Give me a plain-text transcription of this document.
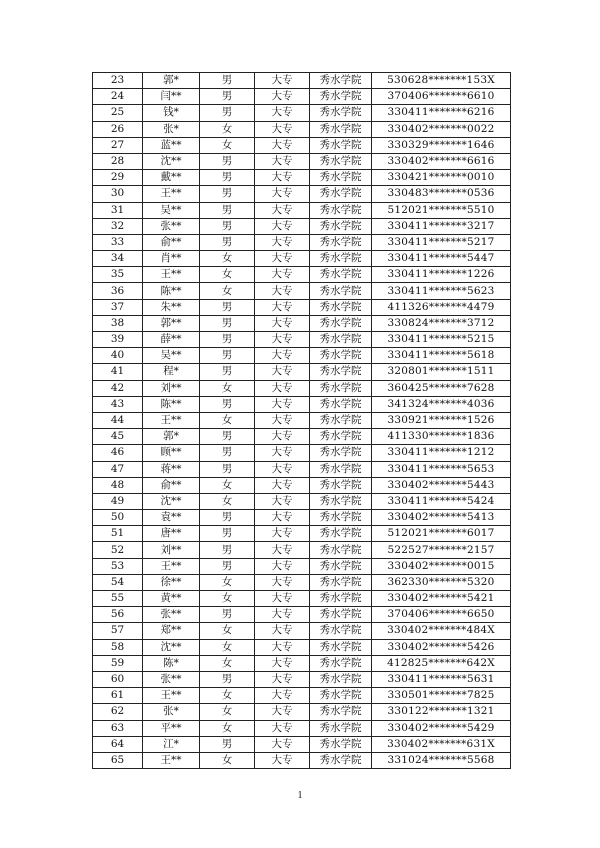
23	郭*	男	大专	秀水学院	530628*******153X
24	闫**	男	大专	秀水学院	370406*******6610
25	钱*	男	大专	秀水学院	330411*******6216
26	张*	女	大专	秀水学院	330402*******0022
27	蓝**	女	大专	秀水学院	330329*******1646
28	沈**	男	大专	秀水学院	330402*******6616
29	戴**	男	大专	秀水学院	330421*******0010
30	王**	男	大专	秀水学院	330483*******0536
31	吴**	男	大专	秀水学院	512021*******5510
32	张**	男	大专	秀水学院	330411*******3217
33	俞**	男	大专	秀水学院	330411*******5217
34	肖**	女	大专	秀水学院	330411*******5447
35	王**	女	大专	秀水学院	330411*******1226
36	陈**	女	大专	秀水学院	330411*******5623
37	朱**	男	大专	秀水学院	411326*******4479
38	郭**	男	大专	秀水学院	330824*******3712
39	薛**	男	大专	秀水学院	330411*******5215
40	吴**	男	大专	秀水学院	330411*******5618
41	程*	男	大专	秀水学院	320801*******1511
42	刘**	女	大专	秀水学院	360425*******7628
43	陈**	男	大专	秀水学院	341324*******4036
44	王**	女	大专	秀水学院	330921*******1526
45	郭*	男	大专	秀水学院	411330*******1836
46	顾**	男	大专	秀水学院	330411*******1212
47	蒋**	男	大专	秀水学院	330411*******5653
48	俞**	女	大专	秀水学院	330402*******5443
49	沈**	女	大专	秀水学院	330411*******5424
50	袁**	男	大专	秀水学院	330402*******5413
51	唐**	男	大专	秀水学院	512021*******6017
52	刘**	男	大专	秀水学院	522527*******2157
53	王**	男	大专	秀水学院	330402*******0015
54	徐**	女	大专	秀水学院	362330*******5320
55	黄**	女	大专	秀水学院	330402*******5421
56	张**	男	大专	秀水学院	370406*******6650
57	郑**	女	大专	秀水学院	330402*******484X
58	沈**	女	大专	秀水学院	330402*******5426
59	陈*	女	大专	秀水学院	412825*******642X
60	张**	男	大专	秀水学院	330411*******5631
61	王**	女	大专	秀水学院	330501*******7825
62	张*	女	大专	秀水学院	330122*******1321
63	平**	女	大专	秀水学院	330402*******5429
64	江*	男	大专	秀水学院	330402*******631X
65	王**	女	大专	秀水学院	331024*******5568
1
